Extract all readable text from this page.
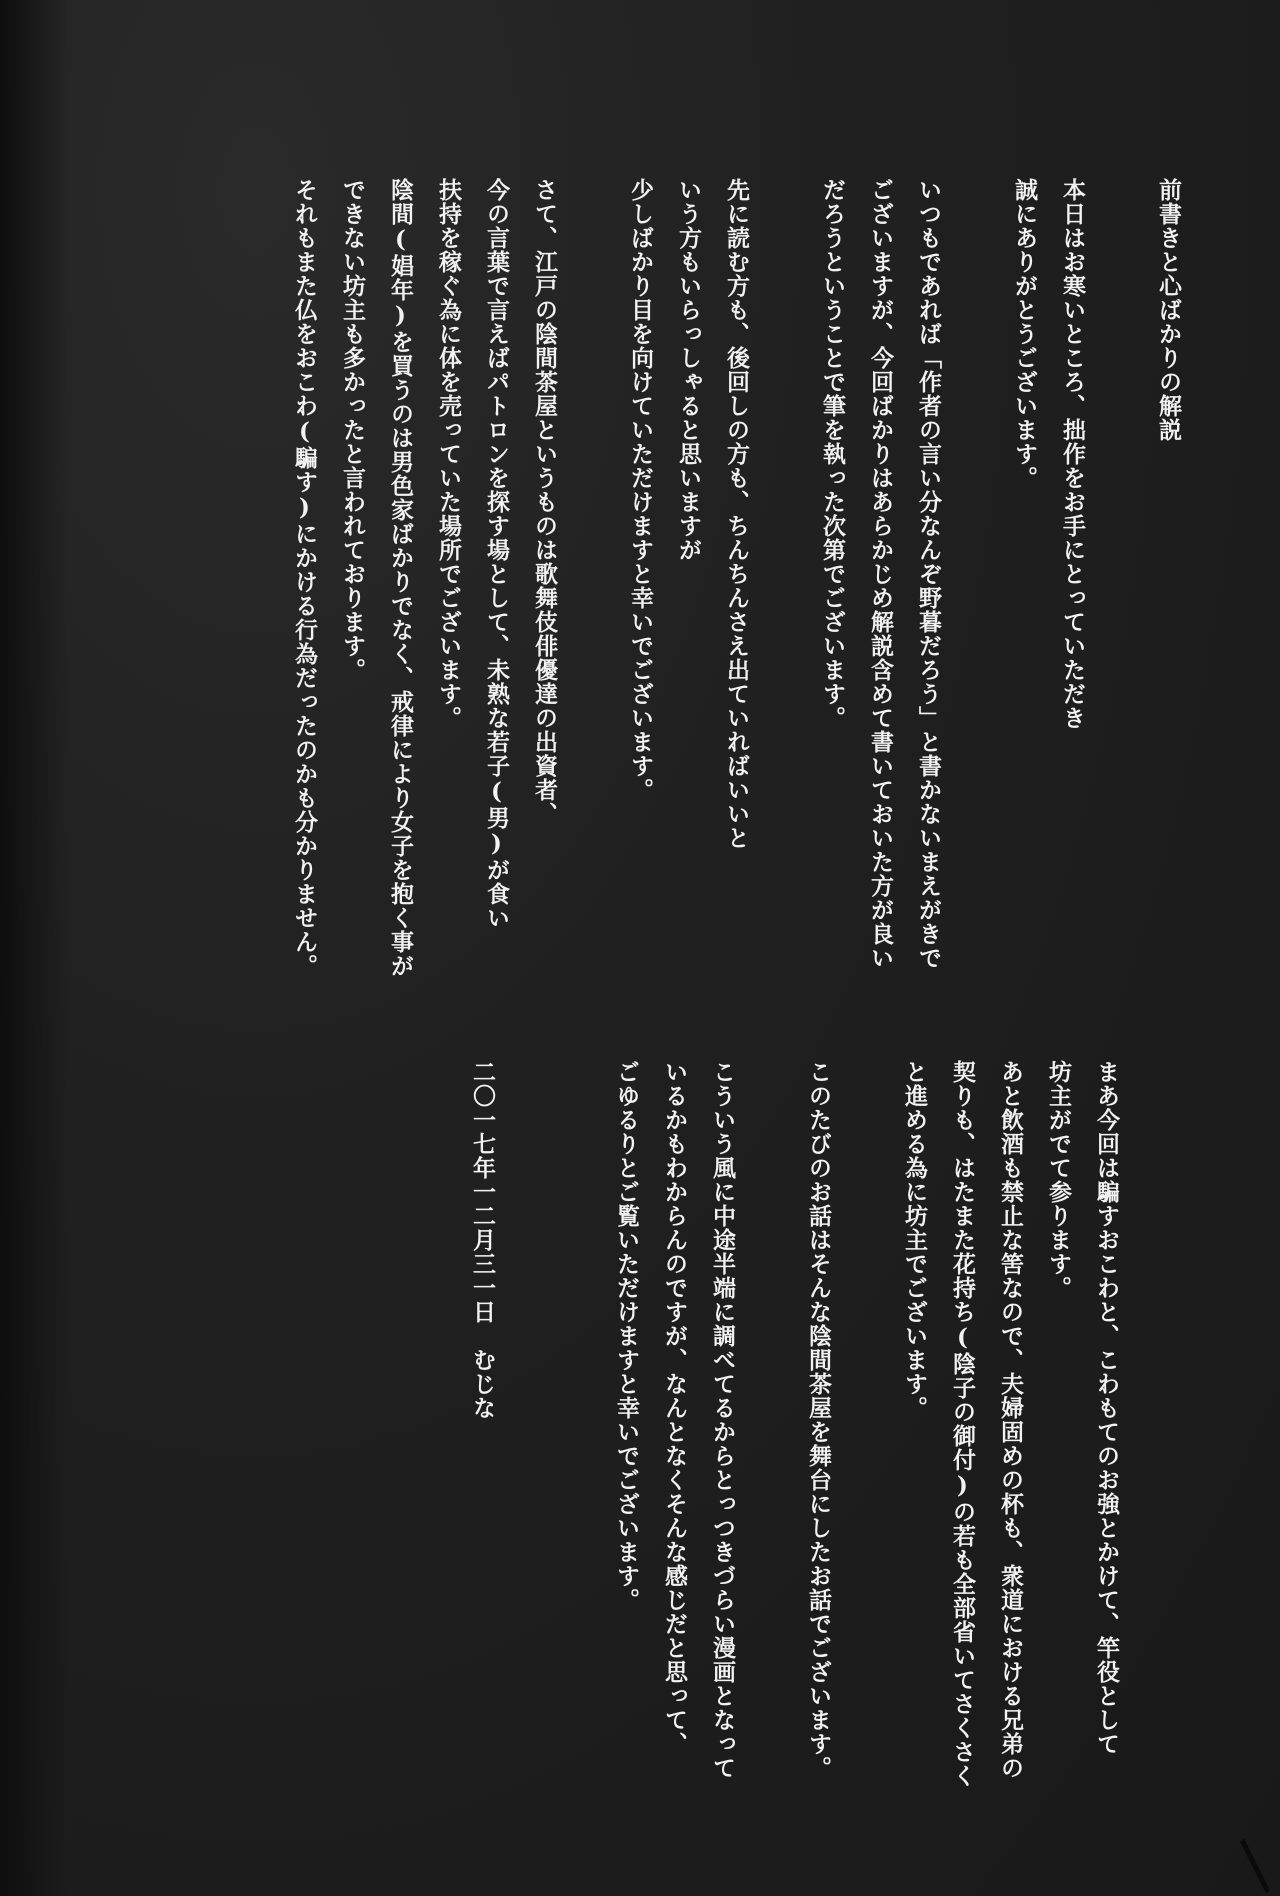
前書きと心ばかりの解説

本日はお寒いところ、拙作をお手にとっていただき
誠にありがとうございます。

いつもであれば「作者の言い分なんぞ野暮だろう」と書かないまえがきで
ございますが、今回ばかりはあらかじめ解説含めて書いておいた方が良い
だろうということで筆を執った次第でございます。

先に読む方も、後回しの方も、ちんちんさえ出ていればいいと
いう方もいらっしゃると思いますが
少しばかり目を向けていただけますと幸いでございます。

さて、江戸の陰間茶屋というものは歌舞伎俳優達の出資者、
今の言葉で言えばパトロンを探す場として、未熟な若子(男)が食い
扶持を稼ぐ為に体を売っていた場所でございます。
陰間(娼年)を買うのは男色家ばかりでなく、戒律により女子を抱く事が
できない坊主も多かったと言われております。
それもまた仏をおこわ(騙す)にかける行為だったのかも分かりません。
まあ今回は騙すおこわと、こわもてのお強とかけて、竿役として
坊主がでて参ります。
あと飲酒も禁止な筈なので、夫婦固めの杯も、衆道における兄弟の
契りも、はたまた花持ち(陰子の御付)の若も全部省いてさくさく
と進める為に坊主でございます。

このたびのお話はそんな陰間茶屋を舞台にしたお話でございます。

こういう風に中途半端に調べてるからとっつきづらい漫画となって
いるかもわからんのですが、なんとなくそんな感じだと思って、
ごゆるりとご覧いただけますと幸いでございます。

二〇一七年一二月三一日　むじな
